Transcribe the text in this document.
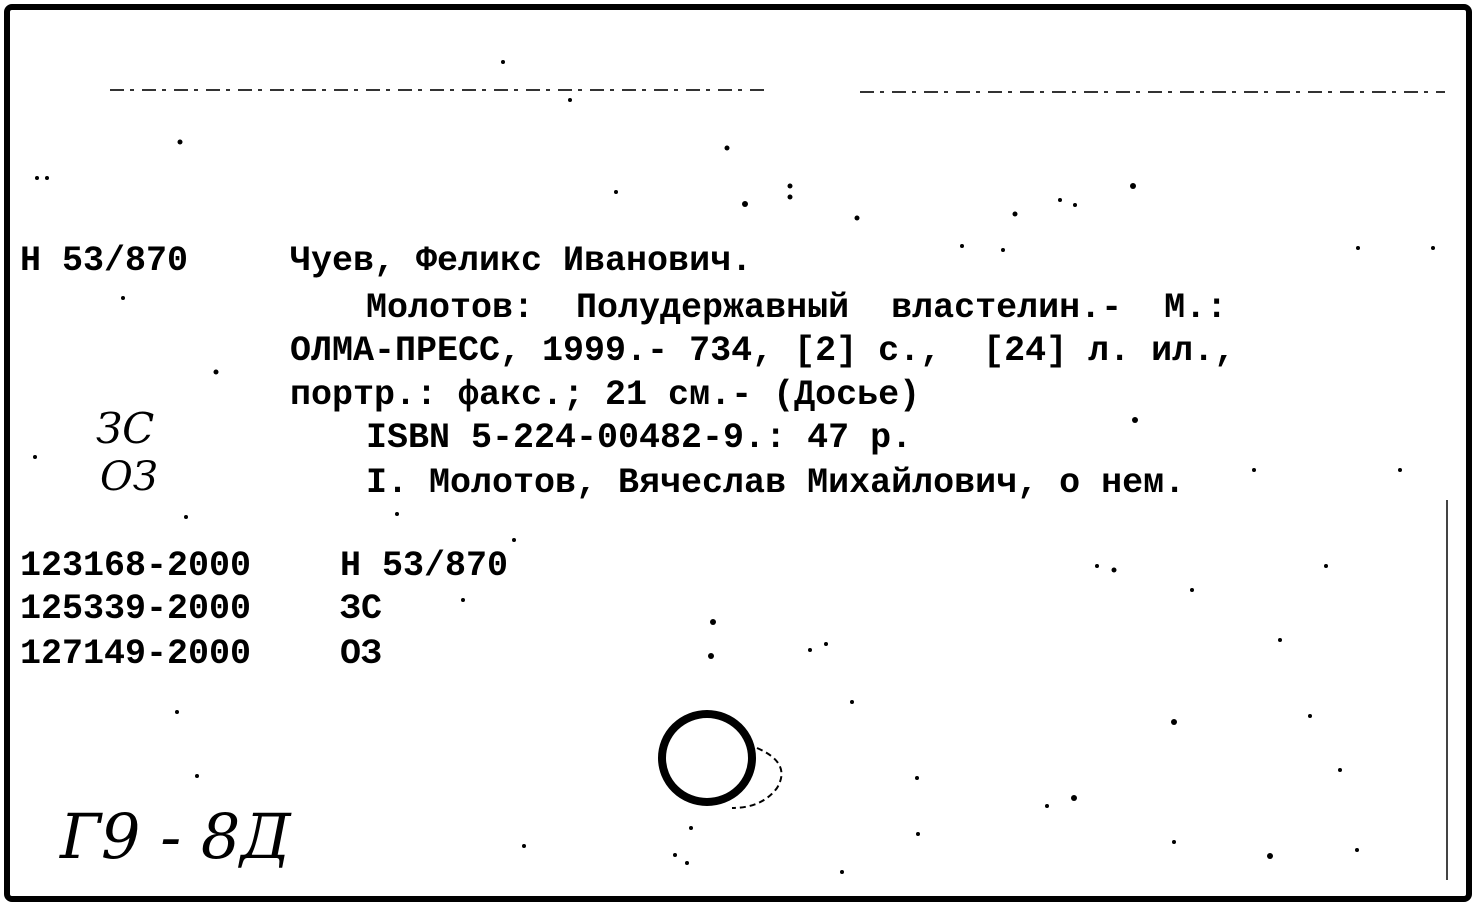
Н 53/870	Чуев, Феликс Иванович.
Молотов:  Полудержавный  властелин.-  М.:
ОЛМА-ПРЕСС, 1999.- 734, [2] с.,  [24] л. ил.,
портр.: факс.; 21 см.- (Досье)
ISBN 5-224-00482-9.: 47 р.
I. Молотов, Вячеслав Михайлович, о нем.
123168-2000	Н 53/870
125339-2000	ЗС
127149-2000	ОЗ
ЗС
ОЗ
Г9 - 8Д
